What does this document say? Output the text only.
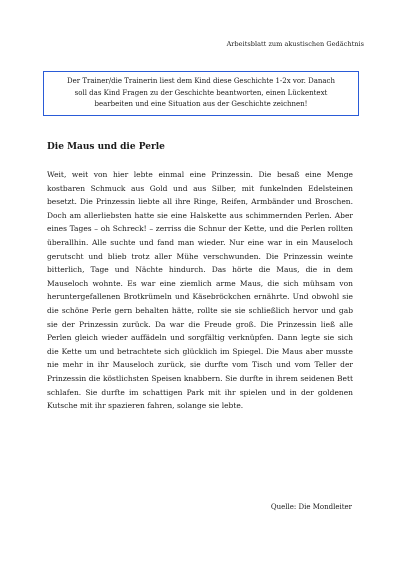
Arbeitsblatt zum akustischen Gedächtnis
Der Trainer/die Trainerin liest dem Kind diese Geschichte 1-2x vor. Danach
soll das Kind Fragen zu der Geschichte beantworten, einen Lückentext
bearbeiten und eine Situation aus der Geschichte zeichnen!
Die Maus und die Perle
Weit, weit von hier lebte einmal eine Prinzessin. Die besaß eine Menge kostbaren Schmuck aus Gold und aus Silber, mit funkelnden Edelsteinen besetzt. Die Prinzessin liebte all ihre Ringe, Reifen, Armbänder und Broschen. Doch am allerliebsten hatte sie eine Halskette aus schimmernden Perlen. Aber eines Tages – oh Schreck! – zerriss die Schnur der Kette, und die Perlen rollten überallhin. Alle suchte und fand man wieder. Nur eine war in ein Mauseloch gerutscht und blieb trotz aller Mühe verschwunden. Die Prinzessin weinte bitterlich, Tage und Nächte hindurch. Das hörte die Maus, die in dem Mauseloch wohnte. Es war eine ziemlich arme Maus, die sich mühsam von heruntergefallenen Brotkrümeln und Käsebröckchen ernährte. Und obwohl sie die schöne Perle gern behalten hätte, rollte sie sie schließlich hervor und gab sie der Prinzessin zurück. Da war die Freude groß. Die Prinzessin ließ alle Perlen gleich wieder auffädeln und sorgfältig verknüpfen. Dann legte sie sich die Kette um und betrachtete sich glücklich im Spiegel. Die Maus aber musste nie mehr in ihr Mauseloch zurück, sie durfte vom Tisch und vom Teller der Prinzessin die köstlichsten Speisen knabbern. Sie durfte in ihrem seidenen Bett schlafen. Sie durfte im schattigen Park mit ihr spielen und in der goldenen Kutsche mit ihr spazieren fahren, solange sie lebte.
Quelle: Die Mondleiter
